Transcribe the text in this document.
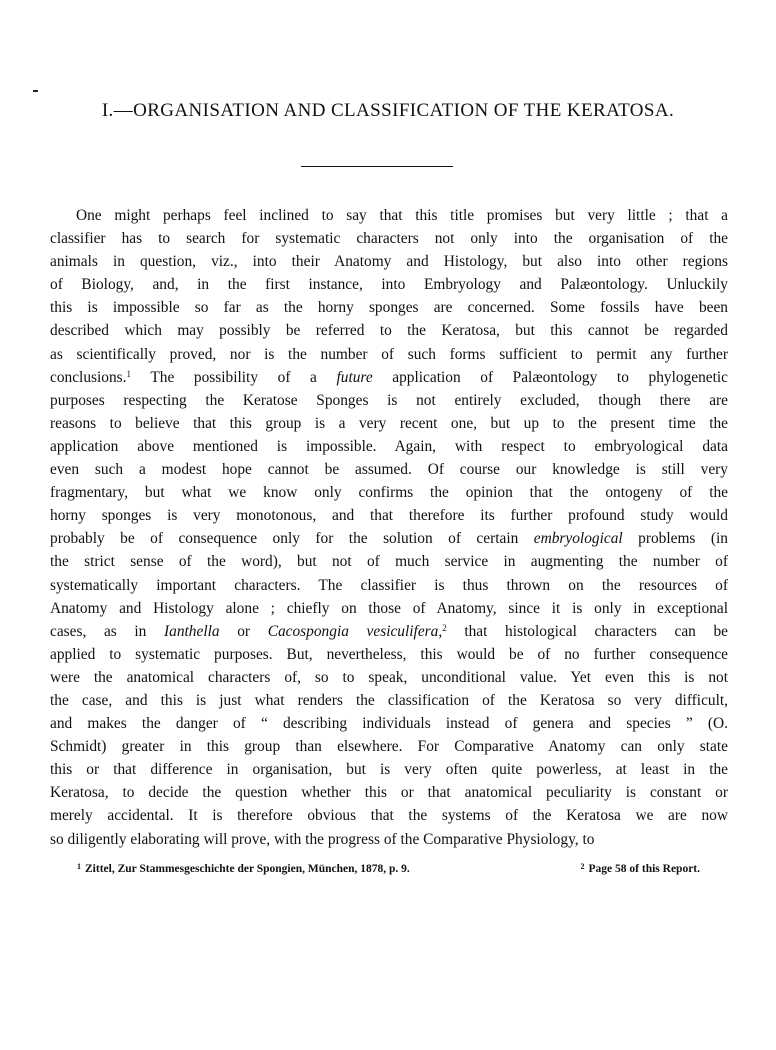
I.—ORGANISATION AND CLASSIFICATION OF THE KERATOSA.
One might perhaps feel inclined to say that this title promises but very little ; that a
classifier has to search for systematic characters not only into the organisation of the
animals in question, viz., into their Anatomy and Histology, but also into other regions
of Biology, and, in the first instance, into Embryology and Palæontology. Unluckily
this is impossible so far as the horny sponges are concerned. Some fossils have been
described which may possibly be referred to the Keratosa, but this cannot be regarded
as scientifically proved, nor is the number of such forms sufficient to permit any further
conclusions.$^1$ The possibility of a future application of Palæontology to phylogenetic
purposes respecting the Keratose Sponges is not entirely excluded, though there are
reasons to believe that this group is a very recent one, but up to the present time the
application above mentioned is impossible. Again, with respect to embryological data
even such a modest hope cannot be assumed. Of course our knowledge is still very
fragmentary, but what we know only confirms the opinion that the ontogeny of the
horny sponges is very monotonous, and that therefore its further profound study would
probably be of consequence only for the solution of certain embryological problems (in
the strict sense of the word), but not of much service in augmenting the number of
systematically important characters. The classifier is thus thrown on the resources of
Anatomy and Histology alone ; chiefly on those of Anatomy, since it is only in exceptional
cases, as in Ianthella or Cacospongia vesiculifera,$^2$ that histological characters can be
applied to systematic purposes. But, nevertheless, this would be of no further consequence
were the anatomical characters of, so to speak, unconditional value. Yet even this is not
the case, and this is just what renders the classification of the Keratosa so very difficult,
and makes the danger of “ describing individuals instead of genera and species ” (O.
Schmidt) greater in this group than elsewhere. For Comparative Anatomy can only state
this or that difference in organisation, but is very often quite powerless, at least in the
Keratosa, to decide the question whether this or that anatomical peculiarity is constant or
merely accidental. It is therefore obvious that the systems of the Keratosa we are now
so diligently elaborating will prove, with the progress of the Comparative Physiology, to
$^1$ Zittel, Zur Stammesgeschichte der Spongien, München, 1878, p. 9.	$^2$ Page 58 of this Report.
